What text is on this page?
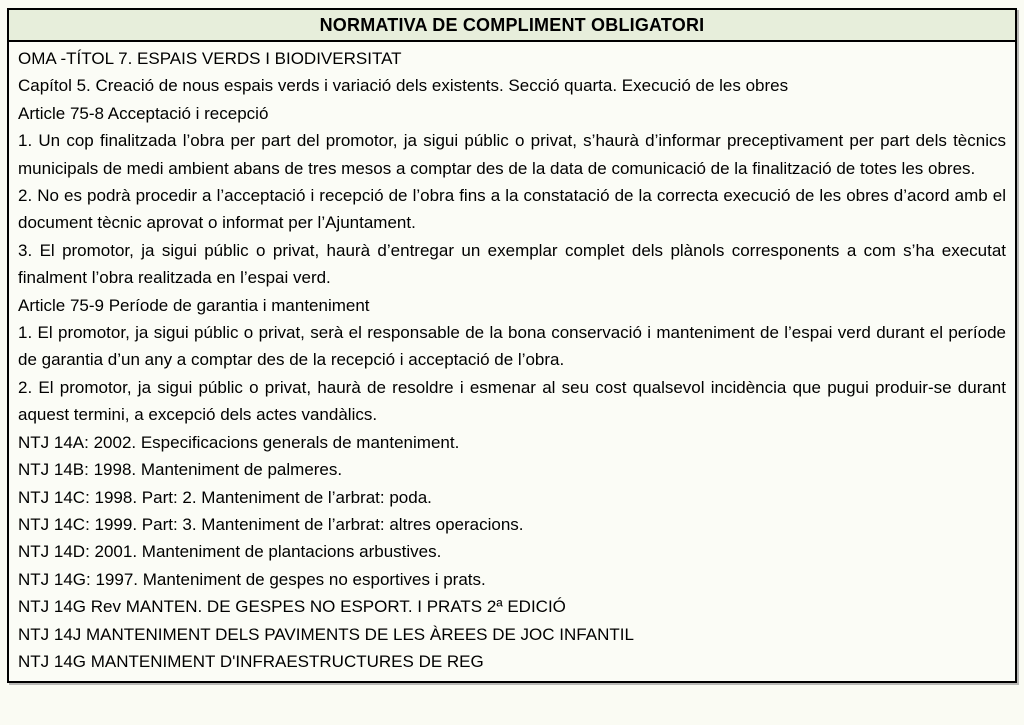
NORMATIVA DE COMPLIMENT OBLIGATORI

OMA -TÍTOL 7. ESPAIS VERDS I BIODIVERSITAT

Capítol 5. Creació de nous espais verds i variació dels existents. Secció quarta. Execució de les obres

Article 75-8 Acceptació i recepció

1. Un cop finalitzada l’obra per part del promotor, ja sigui públic o privat, s’haurà d’informar preceptivament per part dels tècnics municipals de medi ambient abans de tres mesos a comptar des de la data de comunicació de la finalització de totes les obres.

2. No es podrà procedir a l’acceptació i recepció de l’obra fins a la constatació de la correcta execució de les obres d’acord amb el document tècnic aprovat o informat per l’Ajuntament.

3. El promotor, ja sigui públic o privat, haurà d’entregar un exemplar complet dels plànols corresponents a com s’ha executat finalment l’obra realitzada en l’espai verd.

Article 75-9 Període de garantia i manteniment

1. El promotor, ja sigui públic o privat, serà el responsable de la bona conservació i manteniment de l’espai verd durant el període de garantia d’un any a comptar des de la recepció i acceptació de l’obra.

2. El promotor, ja sigui públic o privat, haurà de resoldre i esmenar al seu cost qualsevol incidència que pugui produir-se durant aquest termini, a excepció dels actes vandàlics.

NTJ 14A: 2002. Especificacions generals de manteniment.

NTJ 14B: 1998. Manteniment de palmeres.

NTJ 14C: 1998. Part: 2. Manteniment de l’arbrat: poda.

NTJ 14C: 1999. Part: 3. Manteniment de l’arbrat: altres operacions.

NTJ 14D: 2001. Manteniment de plantacions arbustives.

NTJ 14G: 1997. Manteniment de gespes no esportives i prats.

NTJ 14G Rev MANTEN. DE GESPES NO ESPORT. I PRATS 2ª EDICIÓ

NTJ 14J MANTENIMENT DELS PAVIMENTS DE LES ÀREES DE JOC INFANTIL

NTJ 14G MANTENIMENT D'INFRAESTRUCTURES DE REG
